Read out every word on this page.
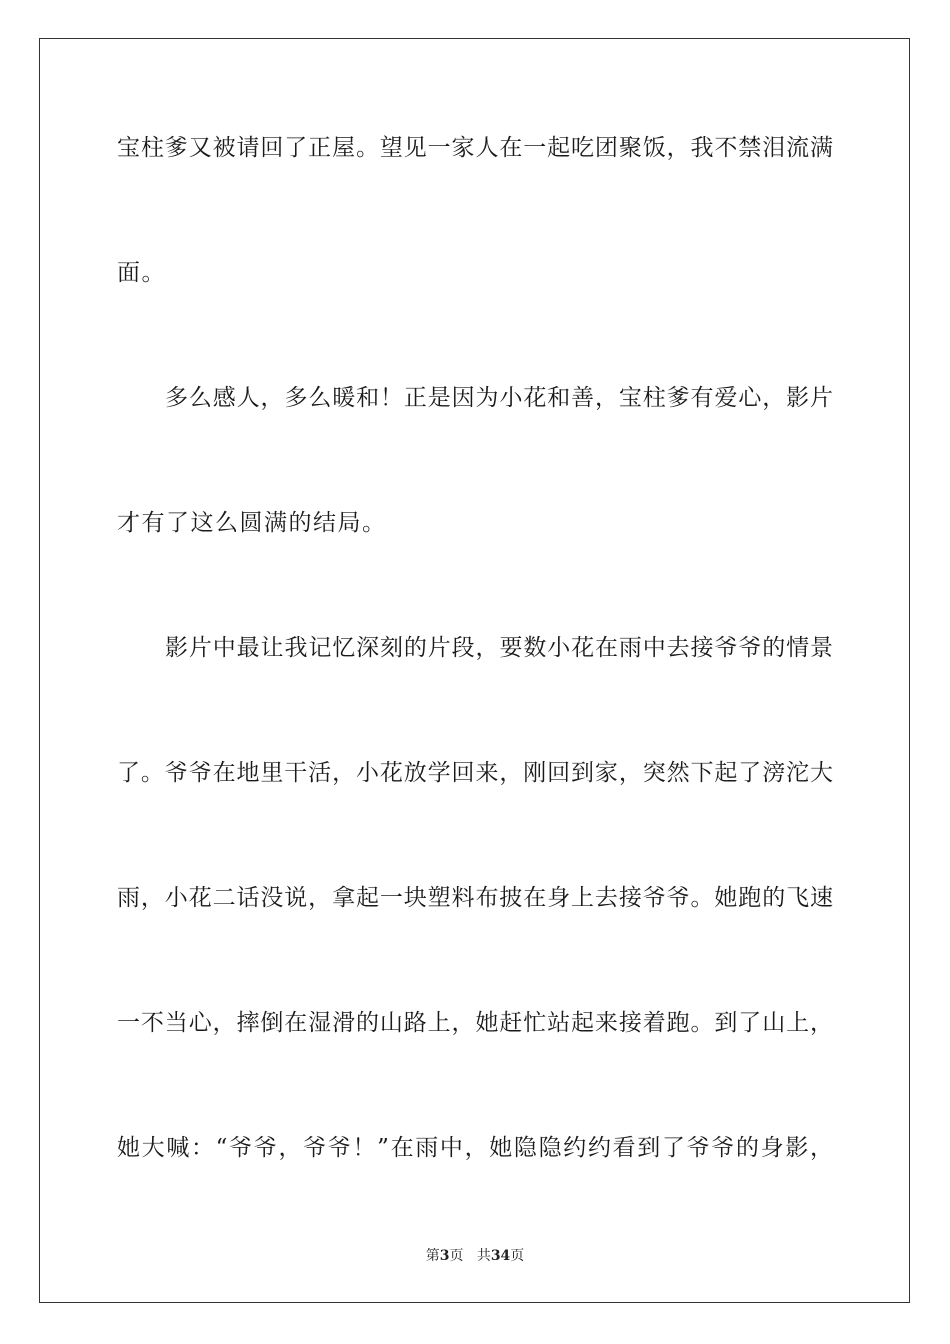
宝柱爹又被请回了正屋。望见一家人在一起吃团聚饭，我不禁泪流满
面。
多么感人，多么暖和！正是因为小花和善，宝柱爹有爱心，影片
才有了这么圆满的结局。
影片中最让我记忆深刻的片段，要数小花在雨中去接爷爷的情景
了。爷爷在地里干活，小花放学回来，刚回到家，突然下起了滂沱大
雨，小花二话没说，拿起一块塑料布披在身上去接爷爷。她跑的飞速
一不当心，摔倒在湿滑的山路上，她赶忙站起来接着跑。到了山上，
她大喊：“爷爷，爷爷！”在雨中，她隐隐约约看到了爷爷的身影，
第3页 共34页
